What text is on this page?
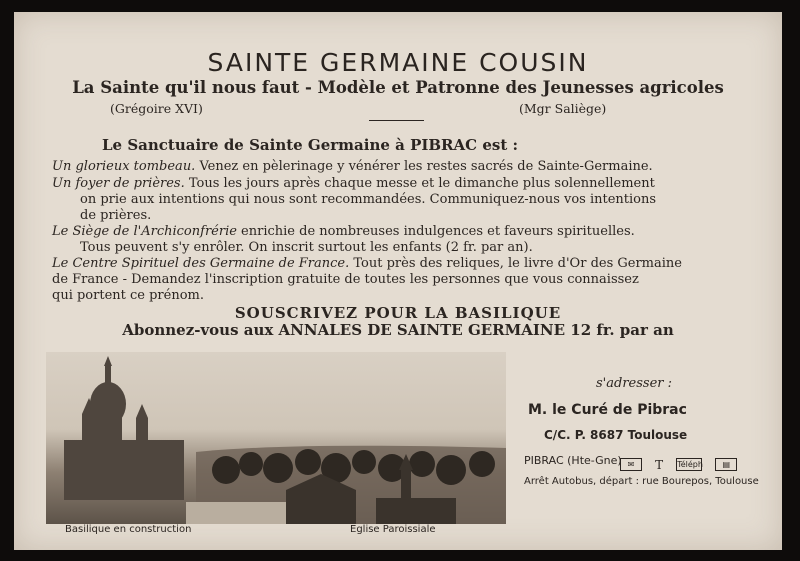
SAINTE GERMAINE COUSIN
La Sainte qu'il nous faut - Modèle et Patronne des Jeunesses agricoles
(Grégoire XVI)	(Mgr Saliège)
Le Sanctuaire de Sainte Germaine à PIBRAC est :
Un glorieux tombeau. Venez en pèlerinage y vénérer les restes sacrés de Sainte-Germaine.
Un foyer de prières. Tous les jours après chaque messe et le dimanche plus solennellement
on prie aux intentions qui nous sont recommandées. Communiquez-nous vos intentions
de prières.
Le Siège de l'Archiconfrérie enrichie de nombreuses indulgences et faveurs spirituelles.
Tous peuvent s'y enrôler. On inscrit surtout les enfants (2 fr. par an).
Le Centre Spirituel des Germaine de France. Tout près des reliques, le livre d'Or des Germaine
de France - Demandez l'inscription gratuite de toutes les personnes que vous connaissez
qui portent ce prénom.
SOUSCRIVEZ POUR LA BASILIQUE
Abonnez-vous aux ANNALES DE SAINTE GERMAINE 12 fr. par an
Basilique en construction	Eglise Paroissiale
s'adresser :
M. le Curé de Pibrac
C/C. P. 8687 Toulouse
PIBRAC (Hte-Gne) ✉ T Téléph ▤
Arrêt Autobus, départ : rue Bourepos, Toulouse
